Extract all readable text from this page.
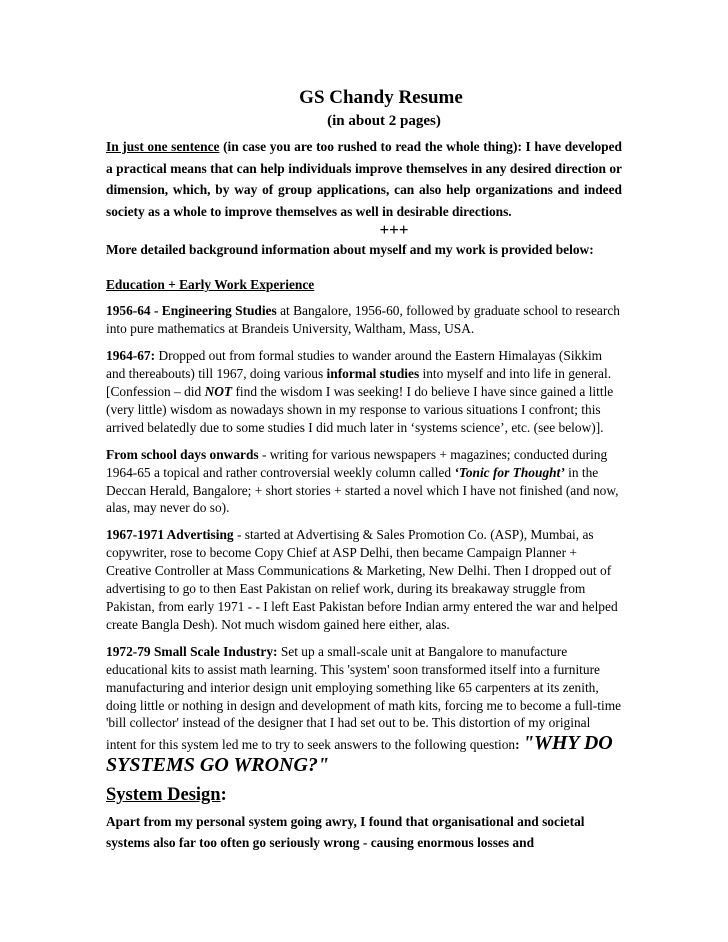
GS Chandy Resume
(in about 2 pages)

In just one sentence (in case you are too rushed to read the whole thing): I have developed a practical means that can help individuals improve themselves in any desired direction or dimension, which, by way of group applications, can also help organizations and indeed society as a whole to improve themselves as well in desirable directions.

+++

More detailed background information about myself and my work is provided below:

Education + Early Work Experience

1956-64 - Engineering Studies at Bangalore, 1956-60, followed by graduate school to research into pure mathematics at Brandeis University, Waltham, Mass, USA.

1964-67: Dropped out from formal studies to wander around the Eastern Himalayas (Sikkim and thereabouts) till 1967, doing various informal studies into myself and into life in general. [Confession – did NOT find the wisdom I was seeking! I do believe I have since gained a little (very little) wisdom as nowadays shown in my response to various situations I confront; this arrived belatedly due to some studies I did much later in ‘systems science’, etc. (see below)].

From school days onwards - writing for various newspapers + magazines; conducted during 1964-65 a topical and rather controversial weekly column called ‘Tonic for Thought’ in the Deccan Herald, Bangalore; + short stories + started a novel which I have not finished (and now, alas, may never do so).

1967-1971 Advertising - started at Advertising & Sales Promotion Co. (ASP), Mumbai, as copywriter, rose to become Copy Chief at ASP Delhi, then became Campaign Planner + Creative Controller at Mass Communications & Marketing, New Delhi. Then I dropped out of advertising to go to then East Pakistan on relief work, during its breakaway struggle from Pakistan, from early 1971 - - I left East Pakistan before Indian army entered the war and helped create Bangla Desh). Not much wisdom gained here either, alas.

1972-79 Small Scale Industry: Set up a small-scale unit at Bangalore to manufacture educational kits to assist math learning. This 'system' soon transformed itself into a furniture manufacturing and interior design unit employing something like 65 carpenters at its zenith, doing little or nothing in design and development of math kits, forcing me to become a full-time 'bill collector' instead of the designer that I had set out to be. This distortion of my original intent for this system led me to try to seek answers to the following question: "WHY DO SYSTEMS GO WRONG?"

System Design:

Apart from my personal system going awry, I found that organisational and societal systems also far too often go seriously wrong - causing enormous losses and
